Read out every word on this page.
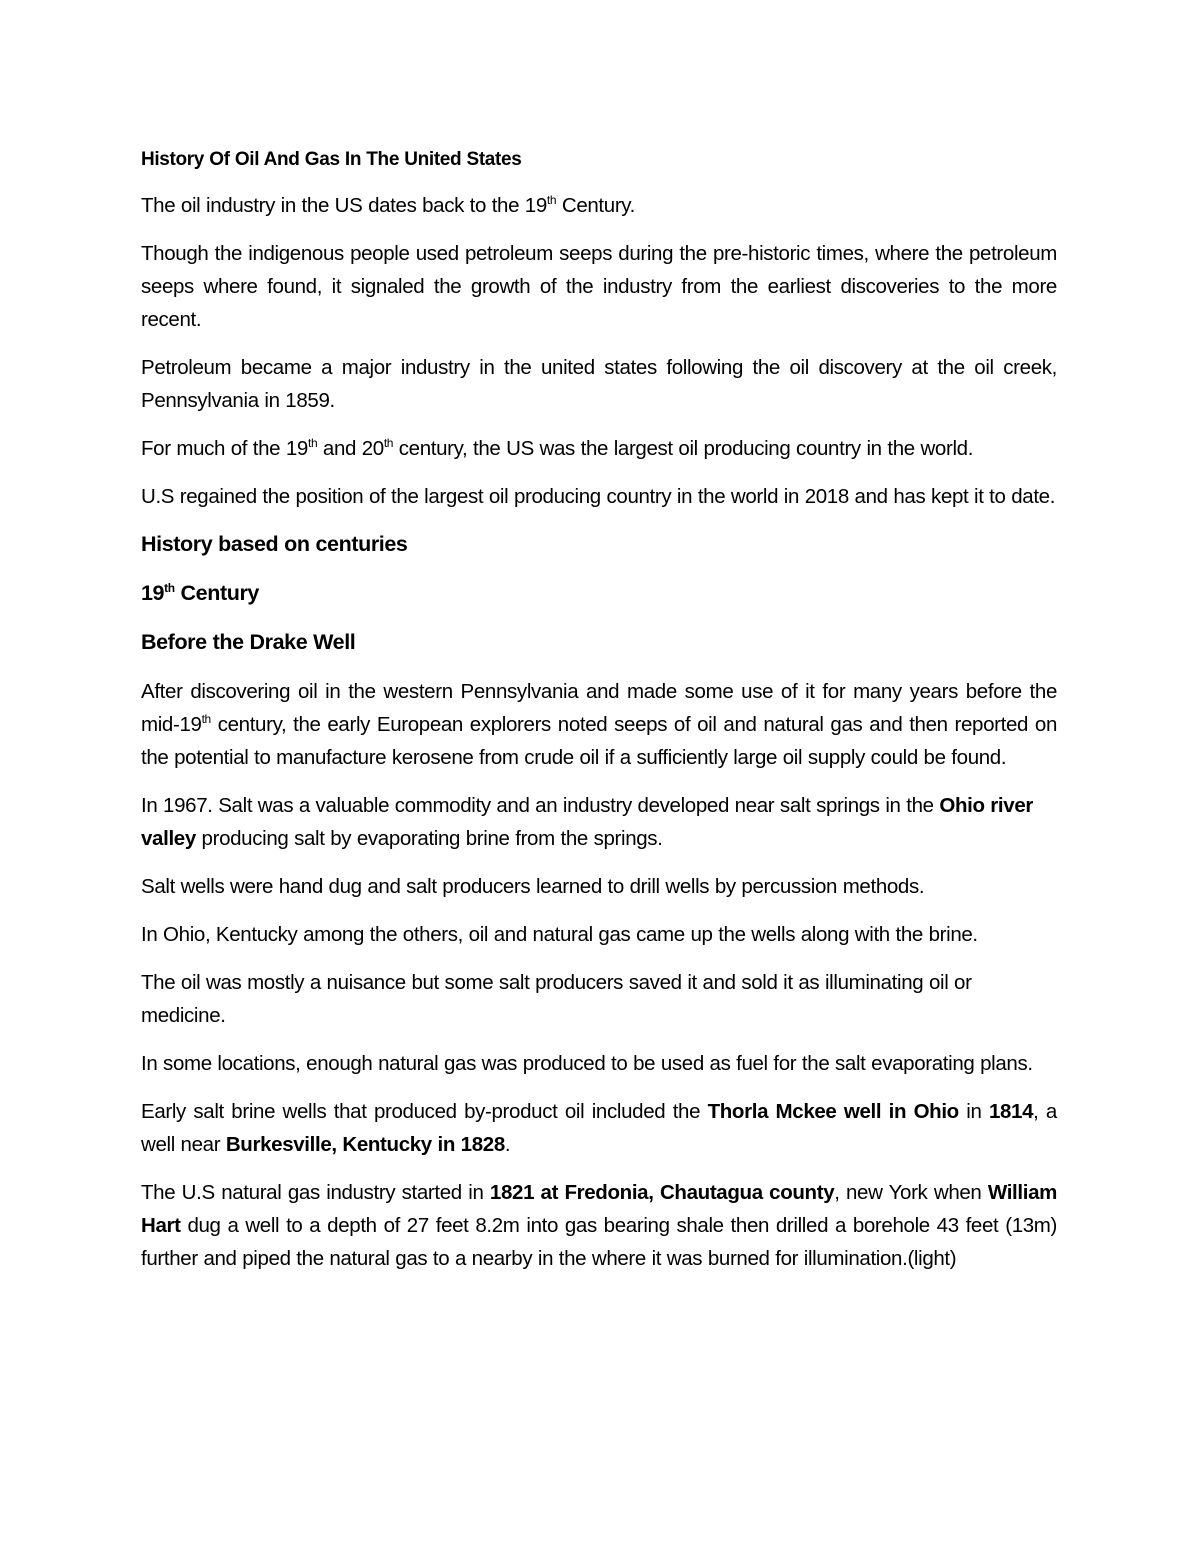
History Of Oil And Gas In The United States
The oil industry in the US dates back to the 19th Century.
Though the indigenous people used petroleum seeps during the pre-historic times, where the petroleum seeps where found, it signaled the growth of the industry from the earliest discoveries to the more recent.
Petroleum became a major industry in the united states following the oil discovery at the oil creek, Pennsylvania in 1859.
For much of the 19th and 20th century, the US was the largest oil producing country in the world.
U.S regained the position of the largest oil producing country in the world in 2018 and has kept it to date.
History based on centuries
19th Century
Before the Drake Well
After discovering oil in the western Pennsylvania and made some use of it for many years before the mid-19th century, the early European explorers noted seeps of oil and natural gas and then reported on the potential to manufacture kerosene from crude oil if a sufficiently large oil supply could be found.
In 1967. Salt was a valuable commodity and an industry developed near salt springs in the Ohio river valley producing salt by evaporating brine from the springs.
Salt wells were hand dug and salt producers learned to drill wells by percussion methods.
In Ohio, Kentucky among the others, oil and natural gas came up the wells along with the brine.
The oil was mostly a nuisance but some salt producers saved it and sold it as illuminating oil or medicine.
In some locations, enough natural gas was produced to be used as fuel for the salt evaporating plans.
Early salt brine wells that produced by-product oil included the Thorla Mckee well in Ohio in 1814, a well near Burkesville, Kentucky in 1828.
The U.S natural gas industry started in 1821 at Fredonia, Chautagua county, new York when William Hart dug a well to a depth of 27 feet 8.2m into gas bearing shale then drilled a borehole 43 feet (13m) further and piped the natural gas to a nearby in the where it was burned for illumination.(light)
